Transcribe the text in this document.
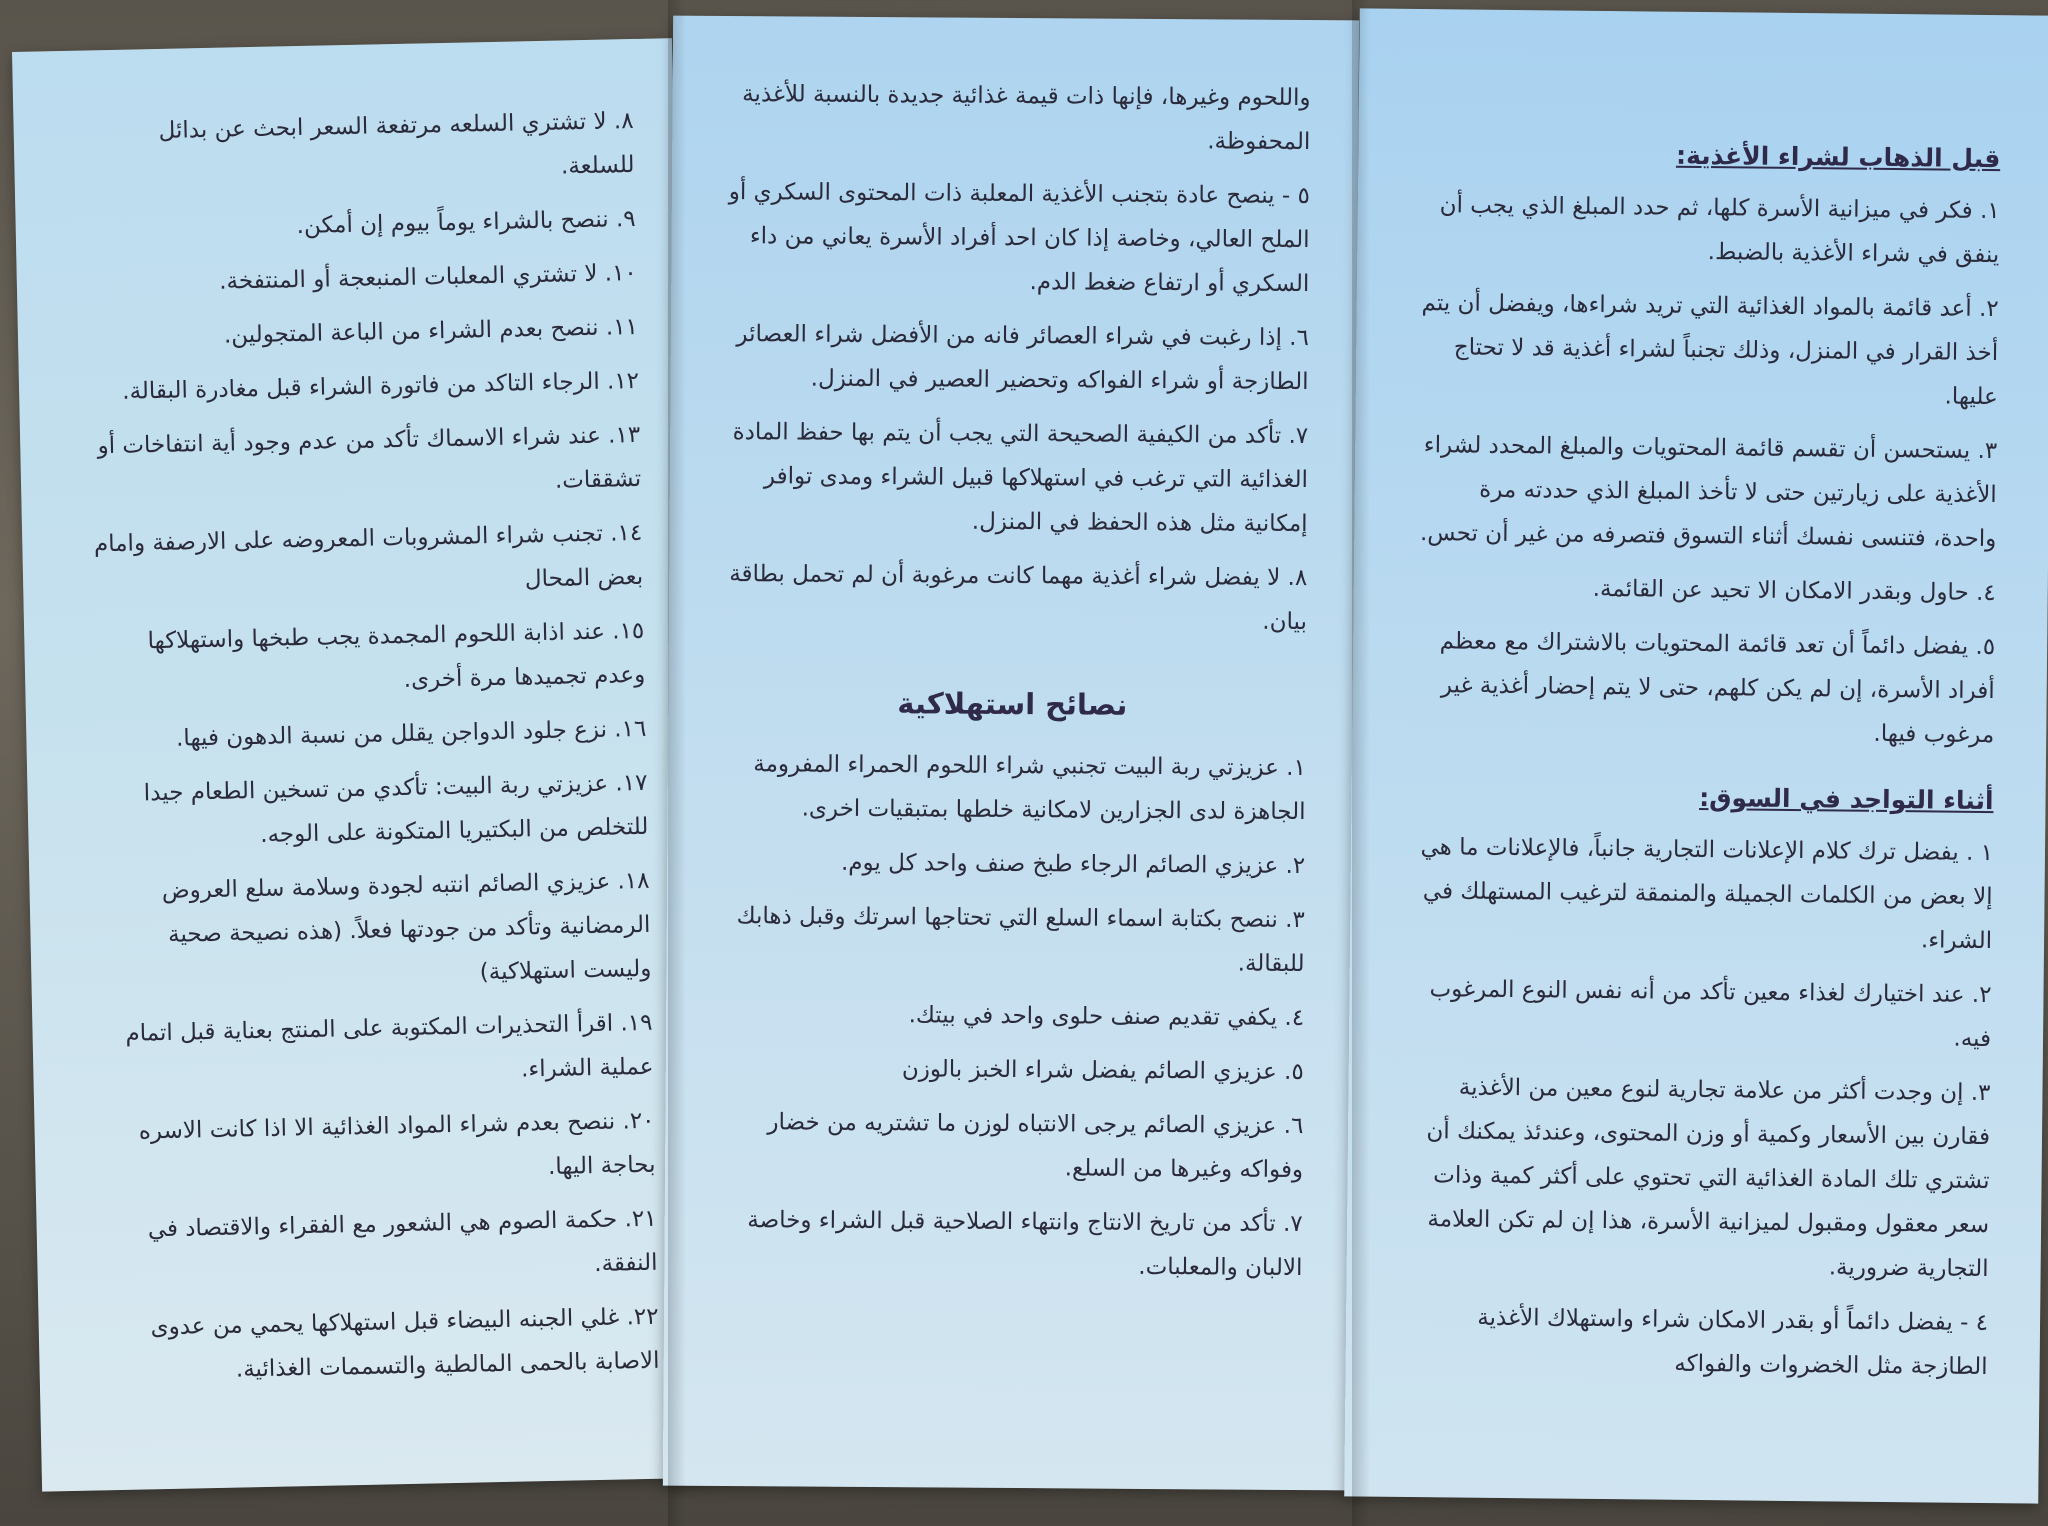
٨. لا تشتري السلعه مرتفعة السعر ابحث عن بدائل للسلعة.

٩. ننصح بالشراء يوماً بيوم إن أمكن.

١٠. لا تشتري المعلبات المنبعجة أو المنتفخة.

١١. ننصح بعدم الشراء من الباعة المتجولين.

١٢. الرجاء التاكد من فاتورة الشراء قبل مغادرة البقالة.

١٣. عند شراء الاسماك تأكد من عدم وجود أية انتفاخات أو تشققات.

١٤. تجنب شراء المشروبات المعروضه على الارصفة وامام بعض المحال

١٥. عند اذابة اللحوم المجمدة يجب طبخها واستهلاكها وعدم تجميدها مرة أخرى.

١٦. نزع جلود الدواجن يقلل من نسبة الدهون فيها.

١٧. عزيزتي ربة البيت: تأكدي من تسخين الطعام جيدا للتخلص من البكتيريا المتكونة على الوجه.

١٨. عزيزي الصائم انتبه لجودة وسلامة سلع العروض الرمضانية وتأكد من جودتها فعلاً. (هذه نصيحة صحية وليست استهلاكية)

١٩. اقرأ التحذيرات المكتوبة على المنتج بعناية قبل اتمام عملية الشراء.

٢٠. ننصح بعدم شراء المواد الغذائية الا اذا كانت الاسره بحاجة اليها.

٢١. حكمة الصوم هي الشعور مع الفقراء والاقتصاد في النفقة.

٢٢. غلي الجبنه البيضاء قبل استهلاكها يحمي من عدوى الاصابة بالحمى المالطية والتسممات الغذائية.

واللحوم وغيرها، فإنها ذات قيمة غذائية جديدة بالنسبة للأغذية المحفوظة.

٥ - ينصح عادة بتجنب الأغذية المعلبة ذات المحتوى السكري أو الملح العالي، وخاصة إذا كان احد أفراد الأسرة يعاني من داء السكري أو ارتفاع ضغط الدم.

٦. إذا رغبت في شراء العصائر فانه من الأفضل شراء العصائر الطازجة أو شراء الفواكه وتحضير العصير في المنزل.

٧. تأكد من الكيفية الصحيحة التي يجب أن يتم بها حفظ المادة الغذائية التي ترغب في استهلاكها قبيل الشراء ومدى توافر إمكانية مثل هذه الحفظ في المنزل.

٨. لا يفضل شراء أغذية مهما كانت مرغوبة أن لم تحمل بطاقة بيان.

نصائح استهلاكية

١. عزيزتي ربة البيت تجنبي شراء اللحوم الحمراء المفرومة الجاهزة لدى الجزارين لامكانية خلطها بمتبقيات اخرى.

٢. عزيزي الصائم الرجاء طبخ صنف واحد كل يوم.

٣. ننصح بكتابة اسماء السلع التي تحتاجها اسرتك وقبل ذهابك للبقالة.

٤. يكفي تقديم صنف حلوى واحد في بيتك.

٥. عزيزي الصائم يفضل شراء الخبز بالوزن

٦. عزيزي الصائم يرجى الانتباه لوزن ما تشتريه من خضار وفواكه وغيرها من السلع.

٧. تأكد من تاريخ الانتاج وانتهاء الصلاحية قبل الشراء وخاصة الالبان والمعلبات.

قبل الذهاب لشراء الأغذية:

١. فكر في ميزانية الأسرة كلها، ثم حدد المبلغ الذي يجب أن ينفق في شراء الأغذية بالضبط.

٢. أعد قائمة بالمواد الغذائية التي تريد شراءها، ويفضل أن يتم أخذ القرار في المنزل، وذلك تجنباً لشراء أغذية قد لا تحتاج عليها.

٣. يستحسن أن تقسم قائمة المحتويات والمبلغ المحدد لشراء الأغذية على زيارتين حتى لا تأخذ المبلغ الذي حددته مرة واحدة، فتنسى نفسك أثناء التسوق فتصرفه من غير أن تحس.

٤. حاول وبقدر الامكان الا تحيد عن القائمة.

٥. يفضل دائماً أن تعد قائمة المحتويات بالاشتراك مع معظم أفراد الأسرة، إن لم يكن كلهم، حتى لا يتم إحضار أغذية غير مرغوب فيها.

أثناء التواجد في السوق:

١ . يفضل ترك كلام الإعلانات التجارية جانباً، فالإعلانات ما هي إلا بعض من الكلمات الجميلة والمنمقة لترغيب المستهلك في الشراء.

٢. عند اختيارك لغذاء معين تأكد من أنه نفس النوع المرغوب فيه.

٣. إن وجدت أكثر من علامة تجارية لنوع معين من الأغذية فقارن بين الأسعار وكمية أو وزن المحتوى، وعندئذ يمكنك أن تشتري تلك المادة الغذائية التي تحتوي على أكثر كمية وذات سعر معقول ومقبول لميزانية الأسرة، هذا إن لم تكن العلامة التجارية ضرورية.

٤ - يفضل دائماً أو بقدر الامكان شراء واستهلاك الأغذية الطازجة مثل الخضروات والفواكه
